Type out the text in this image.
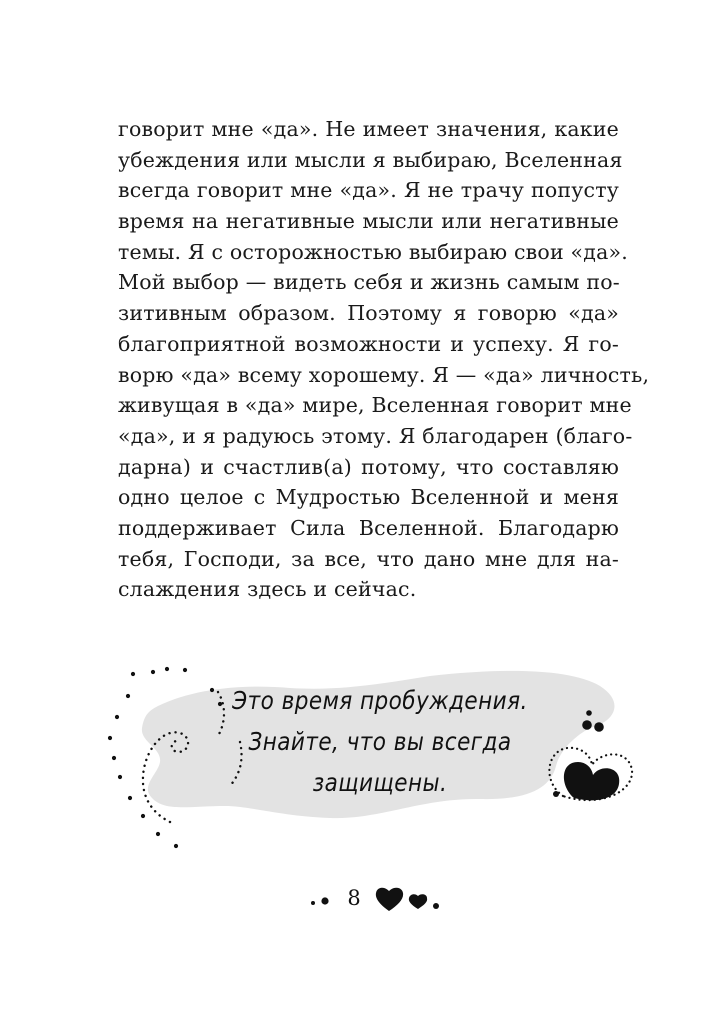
говорит мне «да». Не имеет значения, какие
убеждения или мысли я выбираю, Вселенная
всегда говорит мне «да». Я не трачу попусту
время на негативные мысли или негативные
темы. Я с осторожностью выбираю свои «да».
Мой выбор — видеть себя и жизнь самым по-
зитивным образом. Поэтому я говорю «да»
благоприятной возможности и успеху. Я го-
ворю «да» всему хорошему. Я — «да» личность,
живущая в «да» мире, Вселенная говорит мне
«да», и я радуюсь этому. Я благодарен (благо-
дарна) и счастлив(а) потому, что составляю
одно целое с Мудростью Вселенной и меня
поддерживает Сила Вселенной. Благодарю
тебя, Господи, за все, что дано мне для на-
слаждения здесь и сейчас.
Это время пробуждения.
Знайте, что вы всегда
защищены.
8
